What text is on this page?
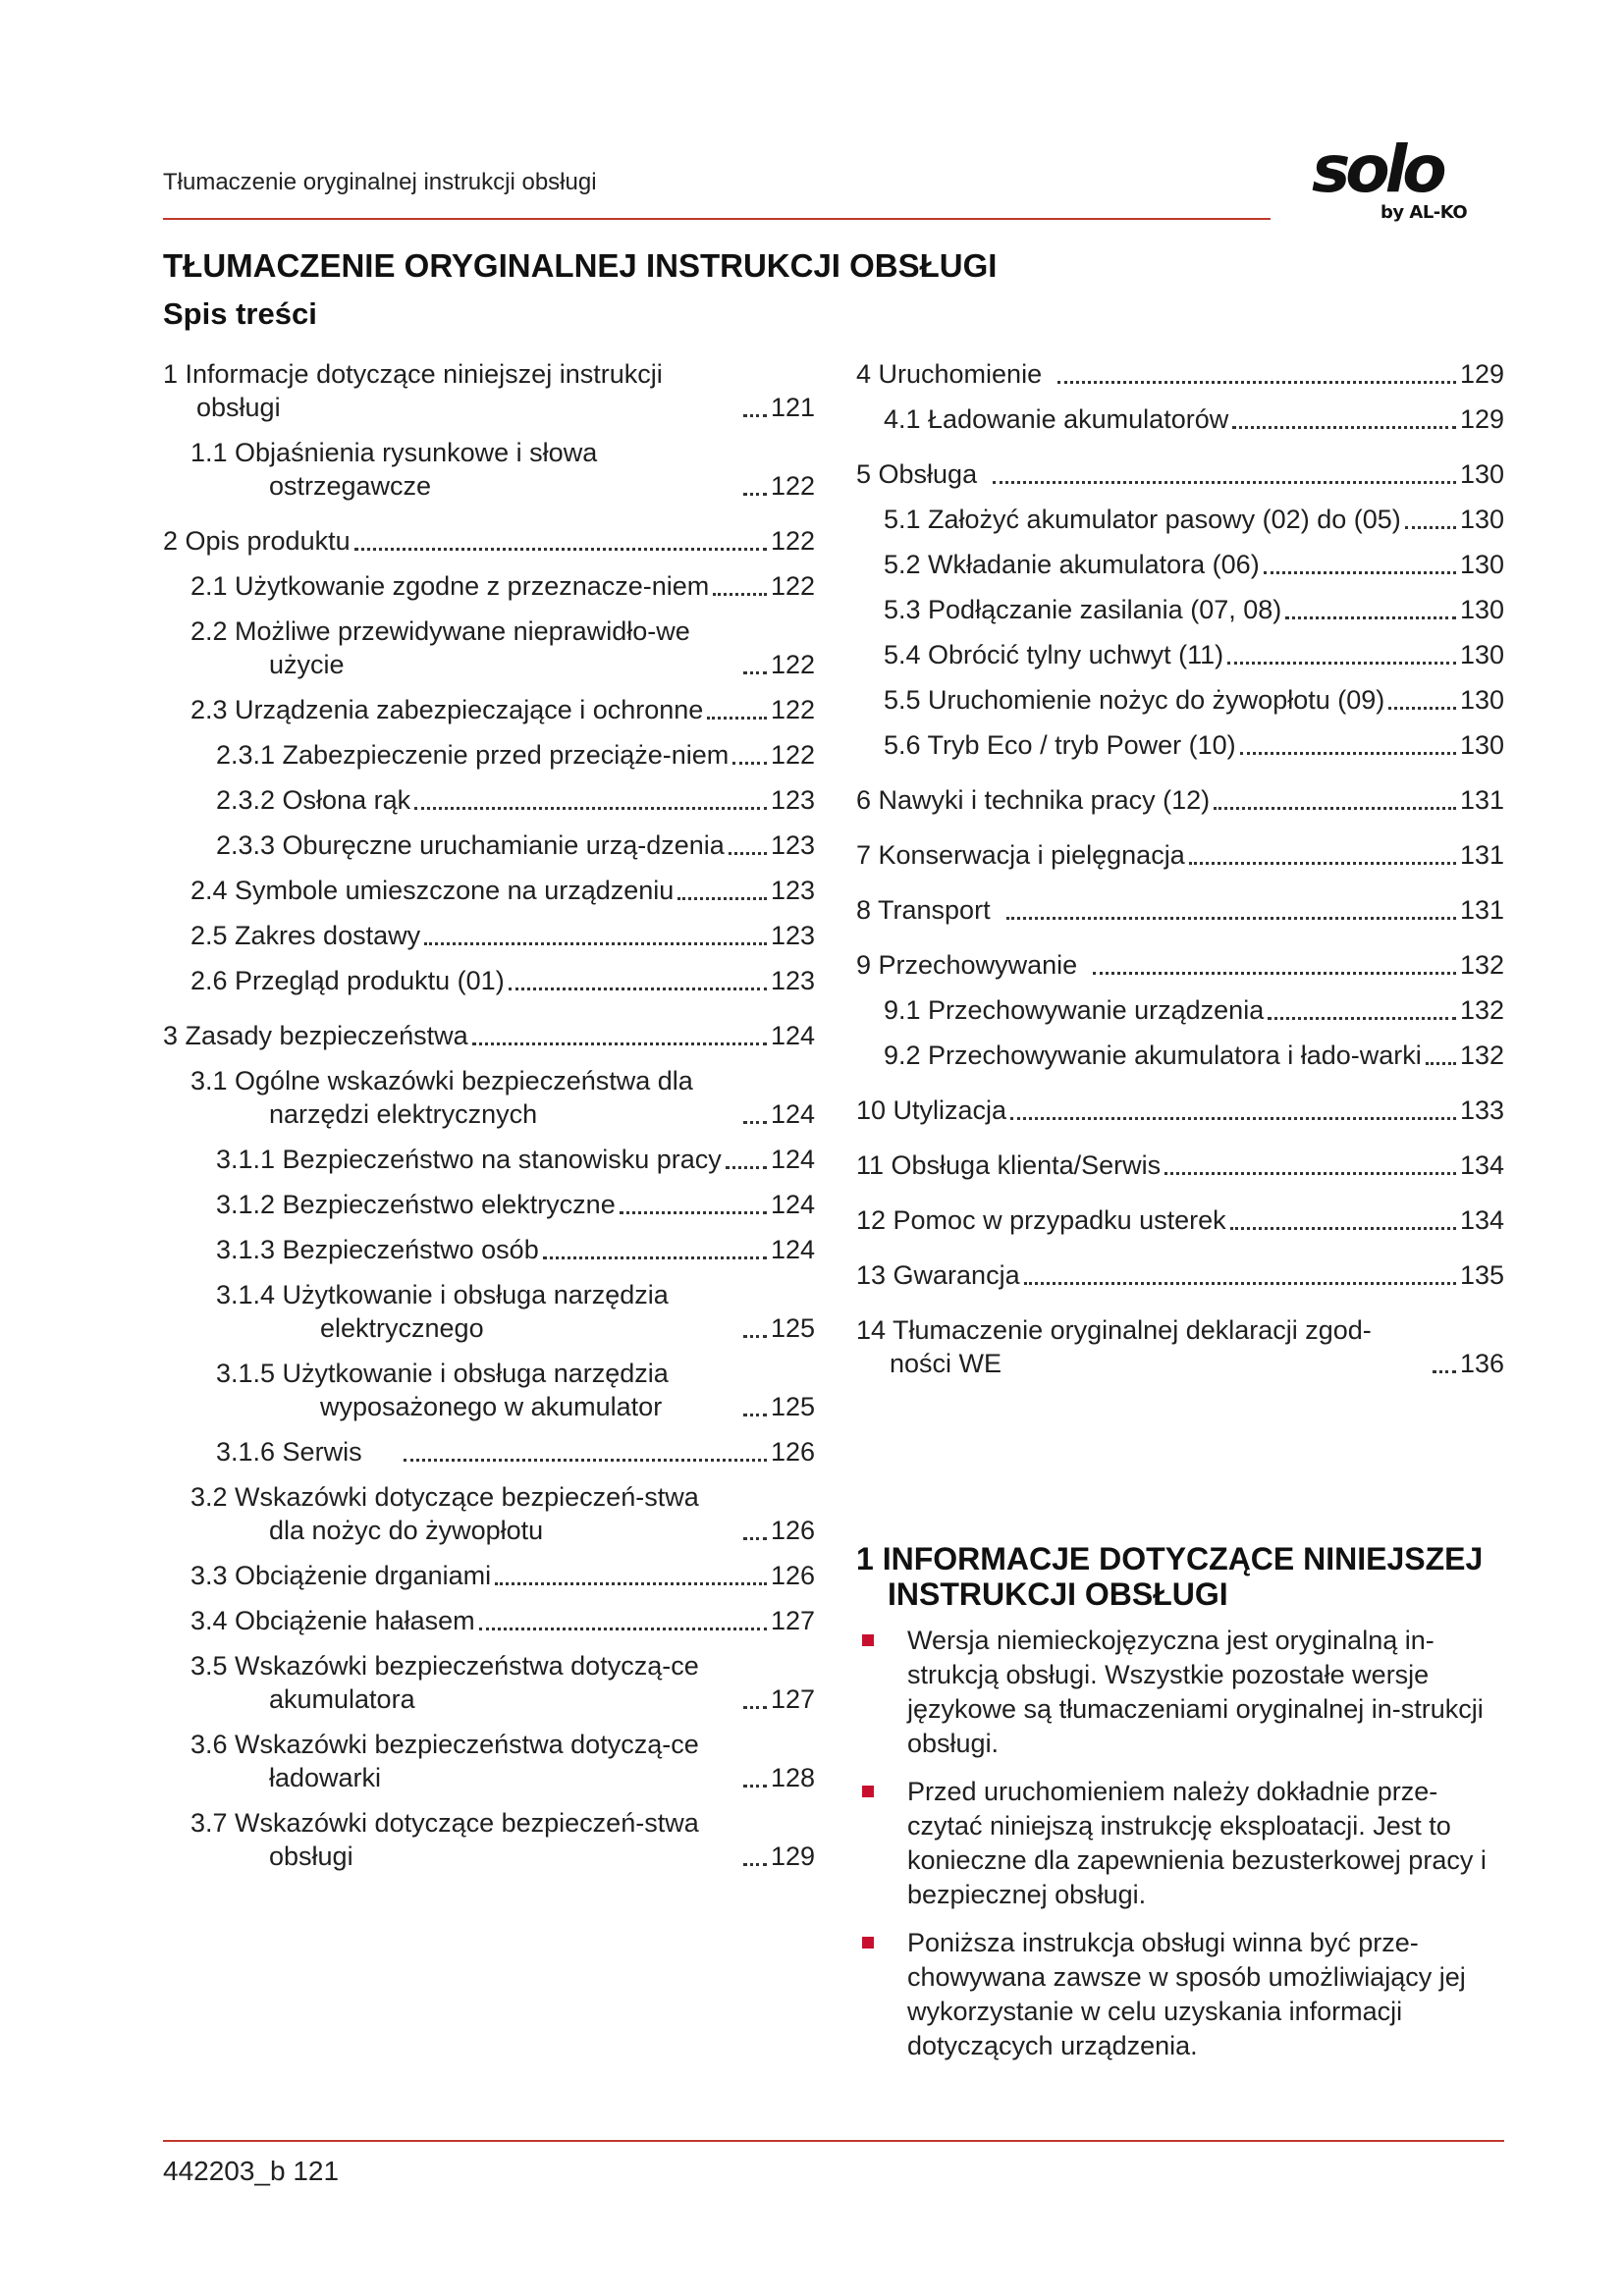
Tłumaczenie oryginalnej instrukcji obsługi	solo
by AL-KO
TŁUMACZENIE ORYGINALNEJ INSTRUKCJI OBSŁUGI
Spis treści
1 Informacje dotyczące niniejszej instrukcji obsługi	121
1.1 Objaśnienia rysunkowe i słowa ostrzegawcze	122
2 Opis produktu	122
2.1 Użytkowanie zgodne z przeznacze-niem 122
2.2 Możliwe przewidywane nieprawidło-we użycie	122
2.3 Urządzenia zabezpieczające i ochronne	122
2.3.1 Zabezpieczenie przed przeciąże-niem 122
2.3.2 Osłona rąk	123
2.3.3 Oburęczne uruchamianie urzą-dzenia 123
2.4 Symbole umieszczone na urządzeniu	123
2.5 Zakres dostawy	123
2.6 Przegląd produktu (01)	123
3 Zasady bezpieczeństwa	124
3.1 Ogólne wskazówki bezpieczeństwa dla narzędzi elektrycznych	124
3.1.1 Bezpieczeństwo na stanowisku pracy 124
3.1.2 Bezpieczeństwo elektryczne	124
3.1.3 Bezpieczeństwo osób	124
3.1.4 Użytkowanie i obsługa narzędzia elektrycznego	125
3.1.5 Użytkowanie i obsługa narzędzia wyposażonego w akumulator	125
3.1.6 Serwis	126
3.2 Wskazówki dotyczące bezpieczeń-stwa dla nożyc do żywopłotu	126
3.3 Obciążenie drganiami	126
3.4 Obciążenie hałasem	127
3.5 Wskazówki bezpieczeństwa dotyczą-ce akumulatora	127
3.6 Wskazówki bezpieczeństwa dotyczą-ce ładowarki	128
3.7 Wskazówki dotyczące bezpieczeń-stwa obsługi	129
4 Uruchomienie	129
4.1 Ładowanie akumulatorów	129
5 Obsługa	130
5.1 Założyć akumulator pasowy (02) do (05) 130
5.2 Wkładanie akumulatora (06)	130
5.3 Podłączanie zasilania (07, 08)	130
5.4 Obrócić tylny uchwyt (11)	130
5.5 Uruchomienie nożyc do żywopłotu (09)	130
5.6 Tryb Eco / tryb Power (10)	130
6 Nawyki i technika pracy (12)	131
7 Konserwacja i pielęgnacja	131
8 Transport	131
9 Przechowywanie	132
9.1 Przechowywanie urządzenia	132
9.2 Przechowywanie akumulatora i łado-warki 132
10 Utylizacja	133
11 Obsługa klienta/Serwis	134
12 Pomoc w przypadku usterek	134
13 Gwarancja	135
14 Tłumaczenie oryginalnej deklaracji zgod-ności WE	136
1 INFORMACJE DOTYCZĄCE NINIEJSZEJ INSTRUKCJI OBSŁUGI
Wersja niemieckojęzyczna jest oryginalną in-strukcją obsługi. Wszystkie pozostałe wersje językowe są tłumaczeniami oryginalnej in-strukcji obsługi.
Przed uruchomieniem należy dokładnie prze-czytać niniejszą instrukcję eksploatacji. Jest to konieczne dla zapewnienia bezusterkowej pracy i bezpiecznej obsługi.
Poniższa instrukcja obsługi winna być prze-chowywana zawsze w sposób umożliwiający jej wykorzystanie w celu uzyskania informacji dotyczących urządzenia.
442203_b 121
